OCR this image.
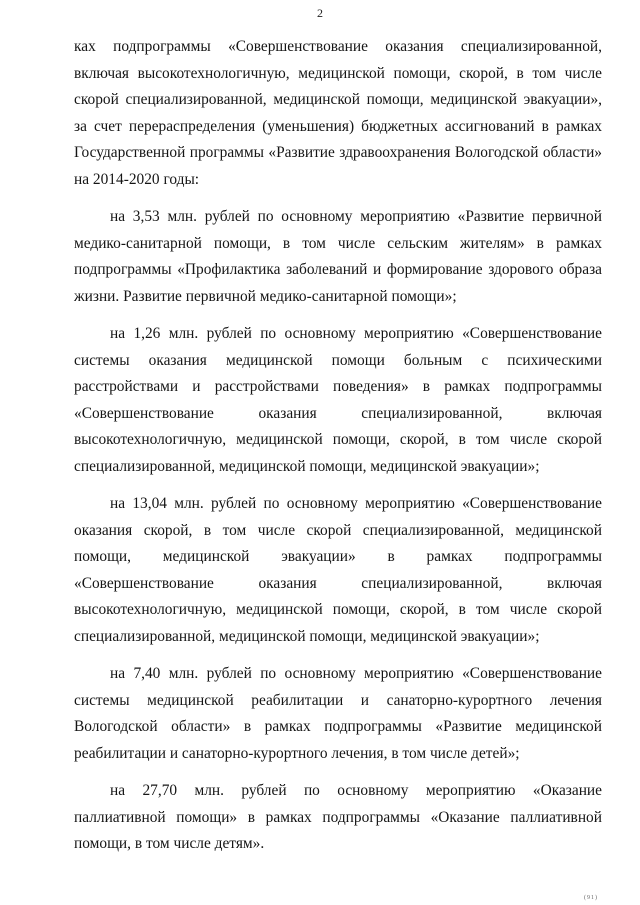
2

ках подпрограммы «Совершенствование оказания специализированной, включая высокотехнологичную, медицинской помощи, скорой, в том числе скорой специализированной, медицинской помощи, медицинской эвакуации», за счет перераспределения (уменьшения) бюджетных ассигнований в рамках Государственной программы «Развитие здравоохранения Вологодской области» на 2014-2020 годы:

на 3,53 млн. рублей по основному мероприятию «Развитие первичной медико-санитарной помощи, в том числе сельским жителям» в рамках подпрограммы «Профилактика заболеваний и формирование здорового образа жизни. Развитие первичной медико-санитарной помощи»;

на 1,26 млн. рублей по основному мероприятию «Совершенствование системы оказания медицинской помощи больным с психическими расстройствами и расстройствами поведения» в рамках подпрограммы «Совершенствование оказания специализированной, включая высокотехнологичную, медицинской помощи, скорой, в том числе скорой специализированной, медицинской помощи, медицинской эвакуации»;

на 13,04 млн. рублей по основному мероприятию «Совершенствование оказания скорой, в том числе скорой специализированной, медицинской помощи, медицинской эвакуации» в рамках подпрограммы «Совершенствование оказания специализированной, включая высокотехнологичную, медицинской помощи, скорой, в том числе скорой специализированной, медицинской помощи, медицинской эвакуации»;

на 7,40 млн. рублей по основному мероприятию «Совершенствование системы медицинской реабилитации и санаторно-курортного лечения Вологодской области» в рамках подпрограммы «Развитие медицинской реабилитации и санаторно-курортного лечения, в том числе детей»;

на 27,70 млн. рублей по основному мероприятию «Оказание паллиативной помощи» в рамках подпрограммы «Оказание паллиативной помощи, в том числе детям».

(91)
